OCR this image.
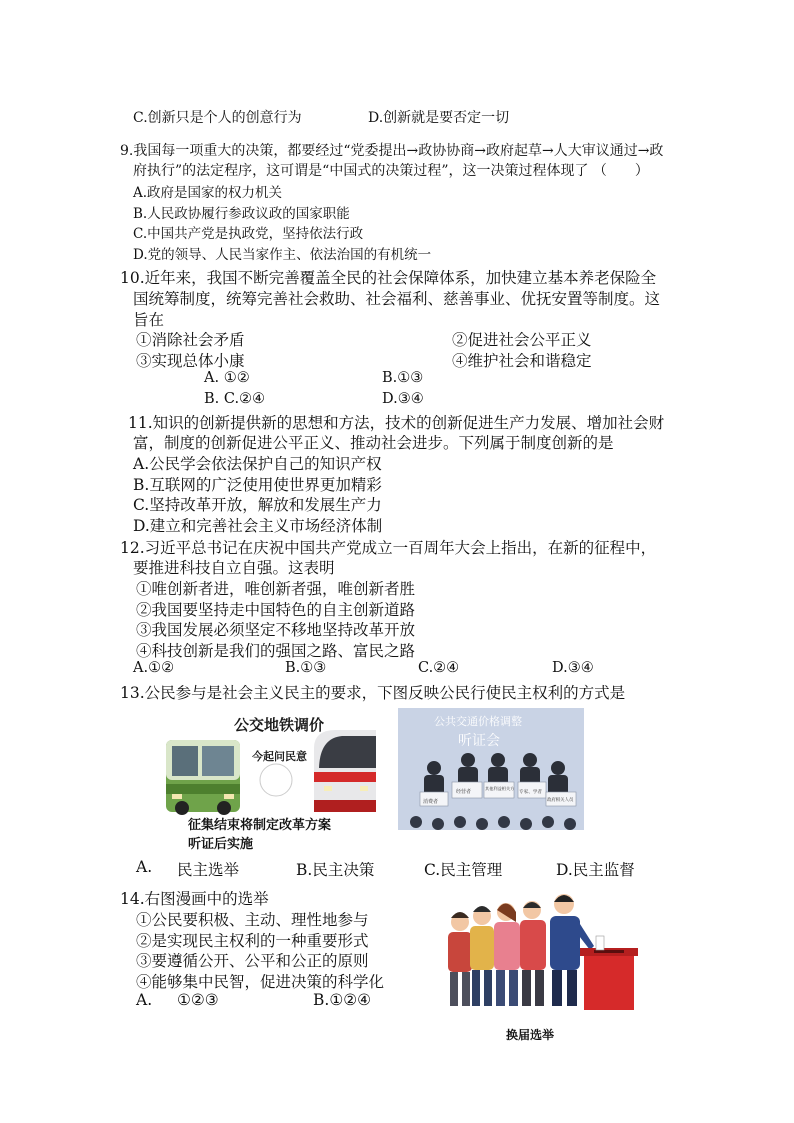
C.创新只是个人的创意行为	D.创新就是要否定一切
9.我国每一项重大的决策，都要经过“党委提出→政协协商→政府起草→人大审议通过→政
府执行”的法定程序，这可谓是“中国式的决策过程”，这一决策过程体现了 （　　）
A.政府是国家的权力机关
B.人民政协履行参政议政的国家职能
C.中国共产党是执政党，坚持依法行政
D.党的领导、人民当家作主、依法治国的有机统一
10.近年来，我国不断完善覆盖全民的社会保障体系，加快建立基本养老保险全
国统筹制度，统筹完善社会救助、社会福利、慈善事业、优抚安置等制度。这
旨在
①消除社会矛盾	②促进社会公平正义
③实现总体小康	④维护社会和谐稳定
A. ①②	B.①③
B. C.②④	D.③④
11.知识的创新提供新的思想和方法，技术的创新促进生产力发展、增加社会财
富，制度的创新促进公平正义、推动社会进步。下列属于制度创新的是
A.公民学会依法保护自己的知识产权
B.互联网的广泛使用使世界更加精彩
C.坚持改革开放，解放和发展生产力
D.建立和完善社会主义市场经济体制
12.习近平总书记在庆祝中国共产党成立一百周年大会上指出，在新的征程中，
要推进科技自立自强。这表明
①唯创新者进，唯创新者强，唯创新者胜
②我国要坚持走中国特色的自主创新道路
③我国发展必须坚定不移地坚持改革开放
④科技创新是我们的强国之路、富民之路
A.①②	B.①③	C.②④	D.③④
13.公民参与是社会主义民主的要求，下图反映公民行使民主权利的方式是
公交地铁调价
今起问民意
征集结束将制定改革方案
听证后实施
公共交通价格调整
听证会
经营者
其他利益相关方
专家、学者
政府相关人员
消费者
A. 民主选举	B.民主决策	C.民主管理	D.民主监督
14.右图漫画中的选举
①公民要积极、主动、理性地参与
②是实现民主权利的一种重要形式
③要遵循公开、公平和公正的原则
④能够集中民智，促进决策的科学化
A. ①②③	B.①②④
换届选举
